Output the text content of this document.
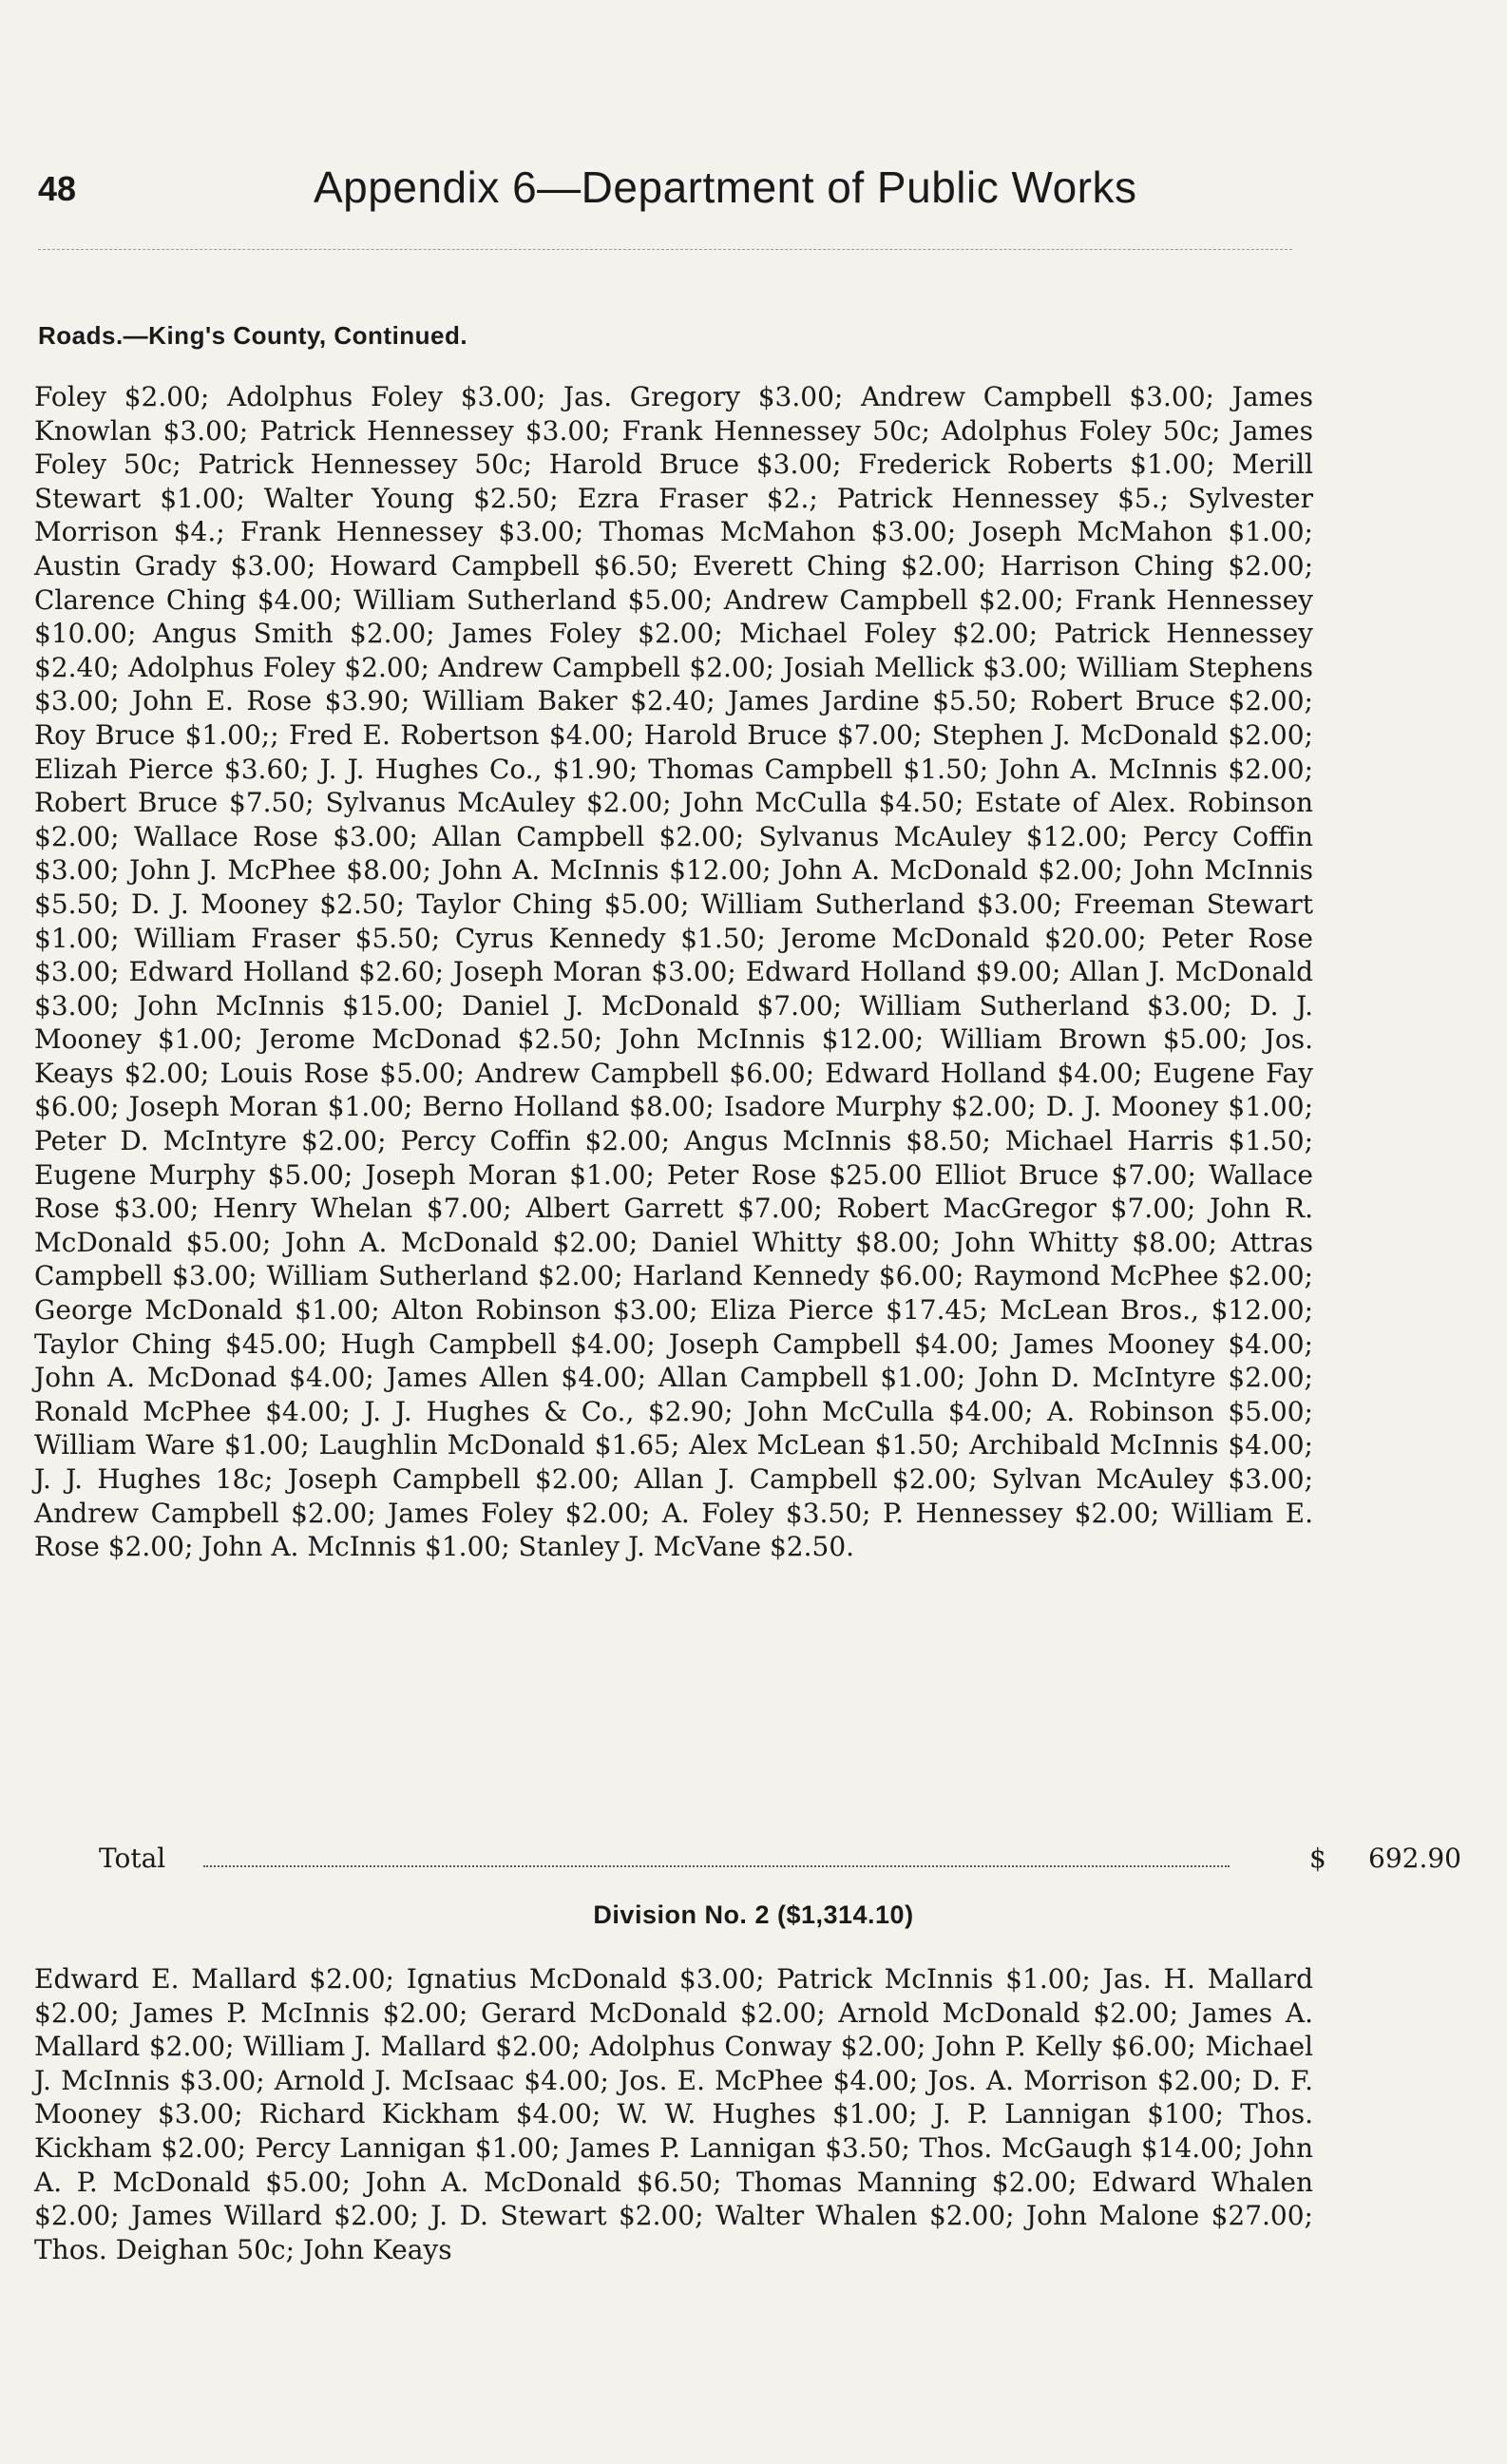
48	Appendix 6—Department of Public Works
Roads.—King's County, Continued.

Foley $2.00; Adolphus Foley $3.00; Jas. Gregory $3.00; Andrew Campbell $3.00; James Knowlan $3.00; Patrick Hennessey $3.00; Frank Hennessey 50c; Adolphus Foley 50c; James Foley 50c; Patrick Hennessey 50c; Harold Bruce $3.00; Frederick Roberts $1.00; Merill Stewart $1.00; Walter Young $2.50; Ezra Fraser $2.; Patrick Hennessey $5.; Sylvester Morrison $4.; Frank Hennessey $3.00; Thomas McMahon $3.00; Joseph McMahon $1.00; Austin Grady $3.00; Howard Campbell $6.50; Everett Ching $2.00; Harrison Ching $2.00; Clarence Ching $4.00; William Sutherland $5.00; Andrew Campbell $2.00; Frank Hennessey $10.00; Angus Smith $2.00; James Foley $2.00; Michael Foley $2.00; Patrick Hennessey $2.40; Adolphus Foley $2.00; Andrew Campbell $2.00; Josiah Mellick $3.00; William Stephens $3.00; John E. Rose $3.90; William Baker $2.40; James Jardine $5.50; Robert Bruce $2.00; Roy Bruce $1.00;; Fred E. Robertson $4.00; Harold Bruce $7.00; Stephen J. McDonald $2.00; Elizah Pierce $3.60; J. J. Hughes Co., $1.90; Thomas Campbell $1.50; John A. McInnis $2.00; Robert Bruce $7.50; Sylvanus McAuley $2.00; John McCulla $4.50; Estate of Alex. Robinson $2.00; Wallace Rose $3.00; Allan Campbell $2.00; Sylvanus McAuley $12.00; Percy Coffin $3.00; John J. McPhee $8.00; John A. McInnis $12.00; John A. McDonald $2.00; John McInnis $5.50; D. J. Mooney $2.50; Taylor Ching $5.00; William Sutherland $3.00; Freeman Stewart $1.00; William Fraser $5.50; Cyrus Kennedy $1.50; Jerome McDonald $20.00; Peter Rose $3.00; Edward Holland $2.60; Joseph Moran $3.00; Edward Holland $9.00; Allan J. McDonald $3.00; John McInnis $15.00; Daniel J. McDonald $7.00; William Sutherland $3.00; D. J. Mooney $1.00; Jerome McDonad $2.50; John McInnis $12.00; William Brown $5.00; Jos. Keays $2.00; Louis Rose $5.00; Andrew Campbell $6.00; Edward Holland $4.00; Eugene Fay $6.00; Joseph Moran $1.00; Berno Holland $8.00; Isadore Murphy $2.00; D. J. Mooney $1.00; Peter D. McIntyre $2.00; Percy Coffin $2.00; Angus McInnis $8.50; Michael Harris $1.50; Eugene Murphy $5.00; Joseph Moran $1.00; Peter Rose $25.00 Elliot Bruce $7.00; Wallace Rose $3.00; Henry Whelan $7.00; Albert Garrett $7.00; Robert MacGregor $7.00; John R. McDonald $5.00; John A. McDonald $2.00; Daniel Whitty $8.00; John Whitty $8.00; Attras Campbell $3.00; William Sutherland $2.00; Harland Kennedy $6.00; Raymond McPhee $2.00; George McDonald $1.00; Alton Robinson $3.00; Eliza Pierce $17.45; McLean Bros., $12.00; Taylor Ching $45.00; Hugh Campbell $4.00; Joseph Campbell $4.00; James Mooney $4.00; John A. McDonad $4.00; James Allen $4.00; Allan Campbell $1.00; John D. McIntyre $2.00; Ronald McPhee $4.00; J. J. Hughes & Co., $2.90; John McCulla $4.00; A. Robinson $5.00; William Ware $1.00; Laughlin McDonald $1.65; Alex McLean $1.50; Archibald McInnis $4.00; J. J. Hughes 18c; Joseph Campbell $2.00; Allan J. Campbell $2.00; Sylvan McAuley $3.00; Andrew Campbell $2.00; James Foley $2.00; A. Foley $3.50; P. Hennessey $2.00; William E. Rose $2.00; John A. McInnis $1.00; Stanley J. McVane $2.50.

Total	$ 692.90
Division No. 2 ($1,314.10)

Edward E. Mallard $2.00; Ignatius McDonald $3.00; Patrick McInnis $1.00; Jas. H. Mallard $2.00; James P. McInnis $2.00; Gerard McDonald $2.00; Arnold McDonald $2.00; James A. Mallard $2.00; William J. Mallard $2.00; Adolphus Conway $2.00; John P. Kelly $6.00; Michael J. McInnis $3.00; Arnold J. McIsaac $4.00; Jos. E. McPhee $4.00; Jos. A. Morrison $2.00; D. F. Mooney $3.00; Richard Kickham $4.00; W. W. Hughes $1.00; J. P. Lannigan $100; Thos. Kickham $2.00; Percy Lannigan $1.00; James P. Lannigan $3.50; Thos. McGaugh $14.00; John A. P. McDonald $5.00; John A. McDonald $6.50; Thomas Manning $2.00; Edward Whalen $2.00; James Willard $2.00; J. D. Stewart $2.00; Walter Whalen $2.00; John Malone $27.00; Thos. Deighan 50c; John Keays
